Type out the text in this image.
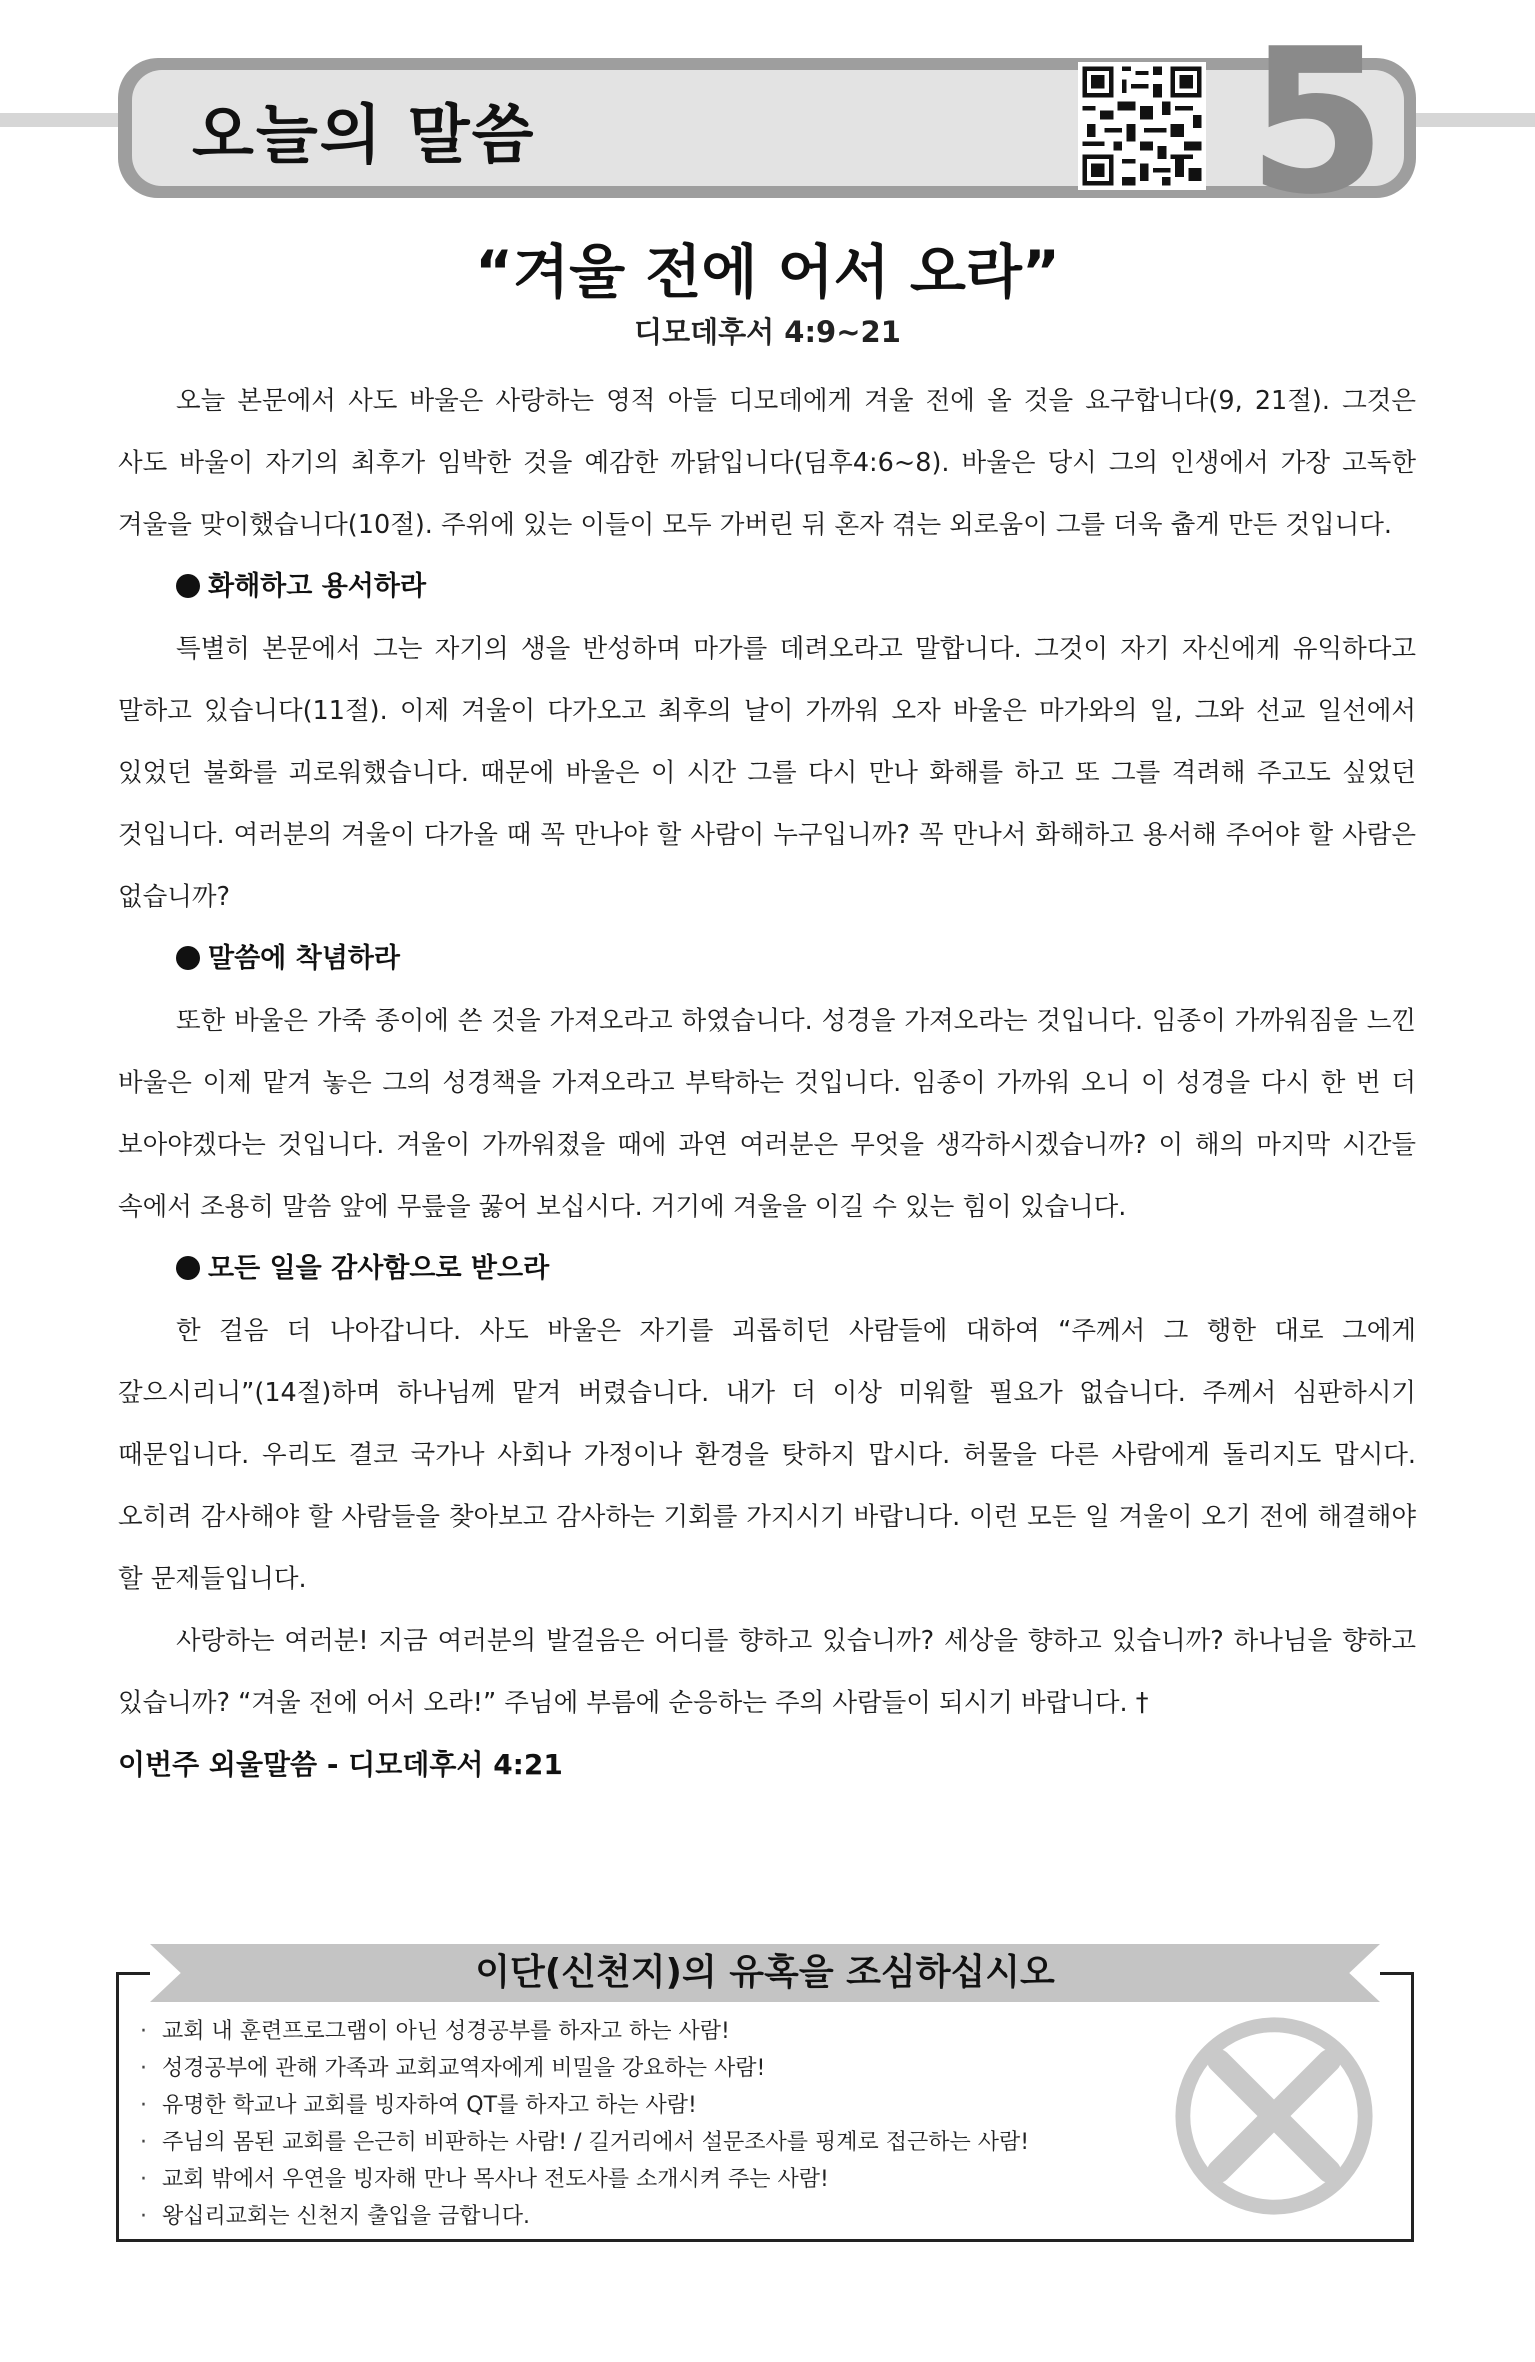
오늘의 말씀	5
“겨울 전에 어서 오라”
디모데후서 4:9~21

오늘 본문에서 사도 바울은 사랑하는 영적 아들 디모데에게 겨울 전에 올 것을 요구합니다(9, 21절). 그것은 사도 바울이 자기의 최후가 임박한 것을 예감한 까닭입니다(딤후4:6~8). 바울은 당시 그의 인생에서 가장 고독한 겨울을 맞이했습니다(10절). 주위에 있는 이들이 모두 가버린 뒤 혼자 겪는 외로움이 그를 더욱 춥게 만든 것입니다.

화해하고 용서하라

특별히 본문에서 그는 자기의 생을 반성하며 마가를 데려오라고 말합니다. 그것이 자기 자신에게 유익하다고 말하고 있습니다(11절). 이제 겨울이 다가오고 최후의 날이 가까워 오자 바울은 마가와의 일, 그와 선교 일선에서 있었던 불화를 괴로워했습니다. 때문에 바울은 이 시간 그를 다시 만나 화해를 하고 또 그를 격려해 주고도 싶었던 것입니다. 여러분의 겨울이 다가올 때 꼭 만나야 할 사람이 누구입니까? 꼭 만나서 화해하고 용서해 주어야 할 사람은 없습니까?

말씀에 착념하라

또한 바울은 가죽 종이에 쓴 것을 가져오라고 하였습니다. 성경을 가져오라는 것입니다. 임종이 가까워짐을 느낀 바울은 이제 맡겨 놓은 그의 성경책을 가져오라고 부탁하는 것입니다. 임종이 가까워 오니 이 성경을 다시 한 번 더 보아야겠다는 것입니다. 겨울이 가까워졌을 때에 과연 여러분은 무엇을 생각하시겠습니까? 이 해의 마지막 시간들 속에서 조용히 말씀 앞에 무릎을 꿇어 보십시다. 거기에 겨울을 이길 수 있는 힘이 있습니다.

모든 일을 감사함으로 받으라

한 걸음 더 나아갑니다. 사도 바울은 자기를 괴롭히던 사람들에 대하여 “주께서 그 행한 대로 그에게 갚으시리니”(14절)하며 하나님께 맡겨 버렸습니다. 내가 더 이상 미워할 필요가 없습니다. 주께서 심판하시기 때문입니다. 우리도 결코 국가나 사회나 가정이나 환경을 탓하지 맙시다. 허물을 다른 사람에게 돌리지도 맙시다. 오히려 감사해야 할 사람들을 찾아보고 감사하는 기회를 가지시기 바랍니다. 이런 모든 일 겨울이 오기 전에 해결해야 할 문제들입니다.

사랑하는 여러분! 지금 여러분의 발걸음은 어디를 향하고 있습니까? 세상을 향하고 있습니까? 하나님을 향하고 있습니까? “겨울 전에 어서 오라!” 주님에 부름에 순응하는 주의 사람들이 되시기 바랍니다. †

이번주 외울말씀 - 디모데후서 4:21

이단(신천지)의 유혹을 조심하십시오
· 교회 내 훈련프로그램이 아닌 성경공부를 하자고 하는 사람!
· 성경공부에 관해 가족과 교회교역자에게 비밀을 강요하는 사람!
· 유명한 학교나 교회를 빙자하여 QT를 하자고 하는 사람!
· 주님의 몸된 교회를 은근히 비판하는 사람! / 길거리에서 설문조사를 핑계로 접근하는 사람!
· 교회 밖에서 우연을 빙자해 만나 목사나 전도사를 소개시켜 주는 사람!
· 왕십리교회는 신천지 출입을 금합니다.
